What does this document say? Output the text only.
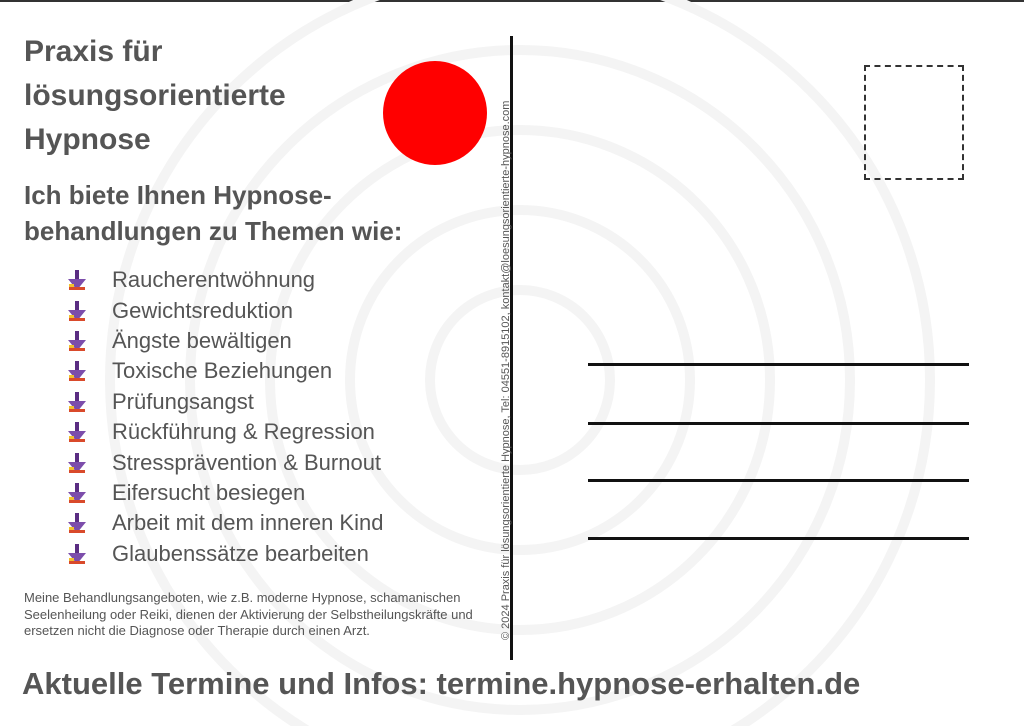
Praxis für lösungsorientierte Hypnose
Ich biete Ihnen Hypnose-behandlungen zu Themen wie:
Raucherentwöhnung
Gewichtsreduktion
Ängste bewältigen
Toxische Beziehungen
Prüfungsangst
Rückführung & Regression
Stressprävention & Burnout
Eifersucht besiegen
Arbeit mit dem inneren Kind
Glaubenssätze bearbeiten
Meine Behandlungsangeboten, wie z.B. moderne Hypnose, schamanischen Seelenheilung oder Reiki, dienen der Aktivierung der Selbstheilungskräfte und ersetzen nicht die Diagnose oder Therapie durch einen Arzt.
Aktuelle Termine und Infos: termine.hypnose-erhalten.de
© 2024 Praxis für lösungsorientierte Hypnose, Tel: 04551-8915102, kontakt@loesungsorientierte-hypnose.com
